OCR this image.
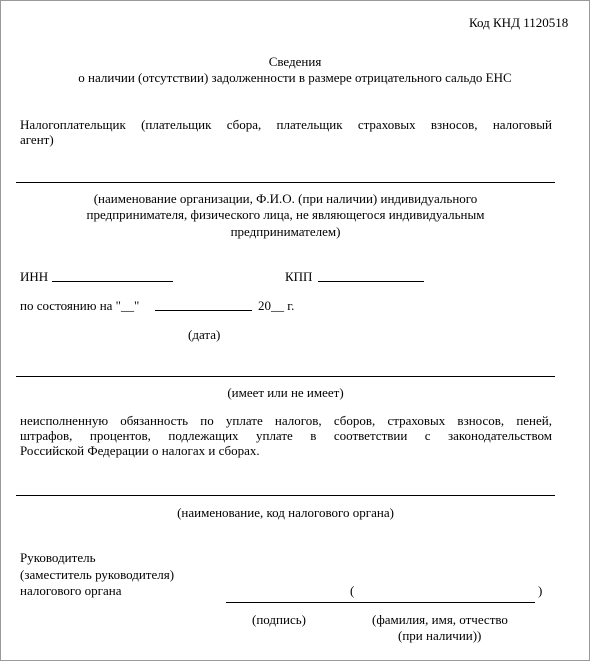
Код КНД 1120518
Сведения
о наличии (отсутствии) задолженности в размере отрицательного сальдо ЕНС
Налогоплательщик (плательщик сбора, плательщик страховых взносов, налоговый
агент)
(наименование организации, Ф.И.О. (при наличии) индивидуального
предпринимателя, физического лица, не являющегося индивидуальным
предпринимателем)
ИНН	КПП
по состоянию на "__"	20__ г.
(дата)
(имеет или не имеет)
неисполненную обязанность по уплате налогов, сборов, страховых взносов, пеней,
штрафов, процентов, подлежащих уплате в соответствии с законодательством
Российской Федерации о налогах и сборах.
(наименование, код налогового органа)
Руководитель
(заместитель руководителя)
налогового органа	(	)
(подпись)	(фамилия, имя, отчество
(при наличии))
